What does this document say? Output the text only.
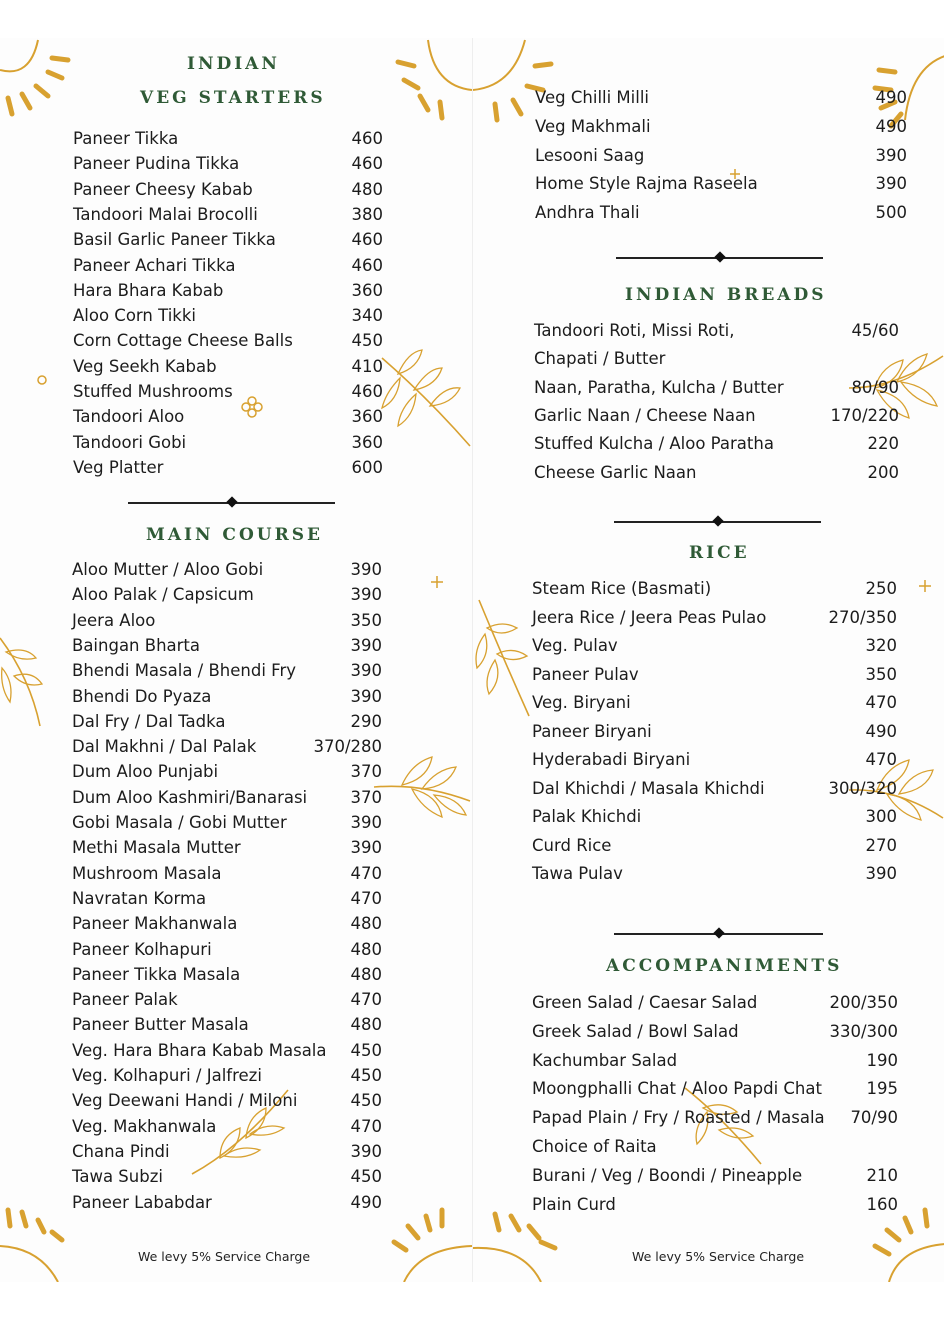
INDIAN
VEG STARTERS
Paneer Tikka	460
Paneer Pudina Tikka	460
Paneer Cheesy Kabab	480
Tandoori Malai Brocolli	380
Basil Garlic Paneer Tikka	460
Paneer Achari Tikka	460
Hara Bhara Kabab	360
Aloo Corn Tikki	340
Corn Cottage Cheese Balls	450
Veg Seekh Kabab	410
Stuffed Mushrooms	460
Tandoori Aloo	360
Tandoori Gobi	360
Veg Platter	600
MAIN COURSE
Aloo Mutter / Aloo Gobi	390
Aloo Palak / Capsicum	390
Jeera Aloo	350
Baingan Bharta	390
Bhendi Masala / Bhendi Fry	390
Bhendi Do Pyaza	390
Dal Fry / Dal Tadka	290
Dal Makhni / Dal Palak	370/280
Dum Aloo Punjabi	370
Dum Aloo Kashmiri/Banarasi	370
Gobi Masala / Gobi Mutter	390
Methi Masala Mutter	390
Mushroom Masala	470
Navratan Korma	470
Paneer Makhanwala	480
Paneer Kolhapuri	480
Paneer Tikka Masala	480
Paneer Palak	470
Paneer Butter Masala	480
Veg. Hara Bhara Kabab Masala 450
Veg. Kolhapuri / Jalfrezi	450
Veg Deewani Handi / Miloni	450
Veg. Makhanwala	470
Chana Pindi	390
Tawa Subzi	450
Paneer Lababdar	490
We levy 5% Service Charge
Veg Chilli Milli	490
Veg Makhmali	490
Lesooni Saag	390
Home Style Rajma Raseela	390
Andhra Thali	500
INDIAN BREADS
Tandoori Roti, Missi Roti,	45/60
Chapati / Butter
Naan, Paratha, Kulcha / Butter	80/90
Garlic Naan / Cheese Naan	170/220
Stuffed Kulcha / Aloo Paratha	220
Cheese Garlic Naan	200
RICE
Steam Rice (Basmati)	250
Jeera Rice / Jeera Peas Pulao	270/350
Veg. Pulav	320
Paneer Pulav	350
Veg. Biryani	470
Paneer Biryani	490
Hyderabadi Biryani	470
Dal Khichdi / Masala Khichdi	300/320
Palak Khichdi	300
Curd Rice	270
Tawa Pulav	390
ACCOMPANIMENTS
Green Salad / Caesar Salad	200/350
Greek Salad / Bowl Salad	330/300
Kachumbar Salad	190
Moongphalli Chat / Aloo Papdi Chat	195
Papad Plain / Fry / Roasted / Masala 70/90
Choice of Raita
Burani / Veg / Boondi / Pineapple	210
Plain Curd	160
We levy 5% Service Charge
